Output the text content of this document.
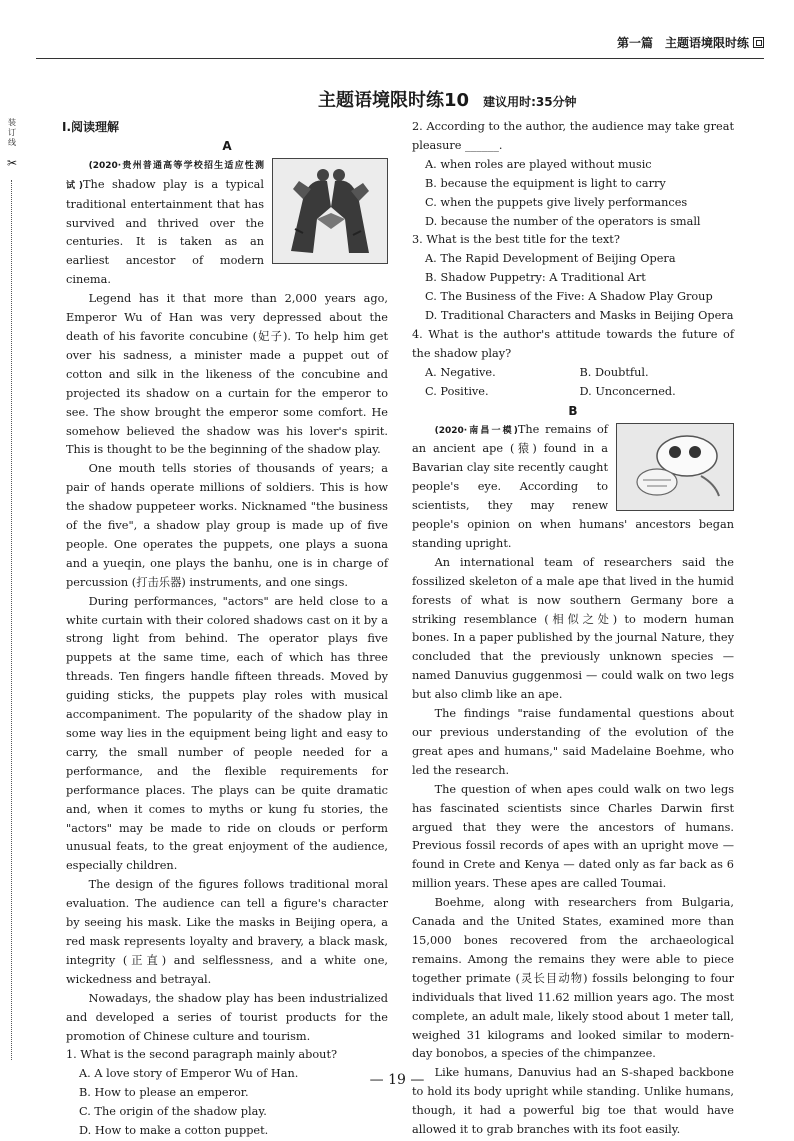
第一篇　主题语境限时练
主题语境限时练10 建议用时:35分钟
装订线
✂
Ⅰ.阅读理解
A

(2020·贵州普通高等学校招生适应性测试)The shadow play is a typical traditional entertainment that has survived and thrived over the centuries. It is taken as an earliest ancestor of modern cinema.

Legend has it that more than 2,000 years ago, Emperor Wu of Han was very depressed about the death of his favorite concubine (妃子). To help him get over his sadness, a minister made a puppet out of cotton and silk in the likeness of the concubine and projected its shadow on a curtain for the emperor to see. The show brought the emperor some comfort. He somehow believed the shadow was his lover's spirit. This is thought to be the beginning of the shadow play.

One mouth tells stories of thousands of years; a pair of hands operate millions of soldiers. This is how the shadow puppeteer works. Nicknamed "the business of the five", a shadow play group is made up of five people. One operates the puppets, one plays a suona and a yueqin, one plays the banhu, one is in charge of percussion (打击乐器) instruments, and one sings.

During performances, "actors" are held close to a white curtain with their colored shadows cast on it by a strong light from behind. The operator plays five puppets at the same time, each of which has three threads. Ten fingers handle fifteen threads. Moved by guiding sticks, the puppets play roles with musical accompaniment. The popularity of the shadow play in some way lies in the equipment being light and easy to carry, the small number of people needed for a performance, and the flexible requirements for performance places. The plays can be quite dramatic and, when it comes to myths or kung fu stories, the "actors" may be made to ride on clouds or perform unusual feats, to the great enjoyment of the audience, especially children.

The design of the figures follows traditional moral evaluation. The audience can tell a figure's character by seeing his mask. Like the masks in Beijing opera, a red mask represents loyalty and bravery, a black mask, integrity (正直) and selflessness, and a white one, wickedness and betrayal.

Nowadays, the shadow play has been industrialized and developed a series of tourist products for the promotion of Chinese culture and tourism.

1. What is the second paragraph mainly about?
A. A love story of Emperor Wu of Han.
B. How to please an emperor.
C. The origin of the shadow play.
D. How to make a cotton puppet.
2. According to the author, the audience may take great pleasure ______.
A. when roles are played without music
B. because the equipment is light to carry
C. when the puppets give lively performances
D. because the number of the operators is small
3. What is the best title for the text?
A. The Rapid Development of Beijing Opera
B. Shadow Puppetry: A Traditional Art
C. The Business of the Five: A Shadow Play Group
D. Traditional Characters and Masks in Beijing Opera
4. What is the author's attitude towards the future of the shadow play?
A. Negative.	B. Doubtful.
C. Positive.	D. Unconcerned.
B

(2020·南昌一模)The remains of an ancient ape (猿) found in a Bavarian clay site recently caught people's eye. According to scientists, they may renew people's opinion on when humans' ancestors began standing upright.

An international team of researchers said the fossilized skeleton of a male ape that lived in the humid forests of what is now southern Germany bore a striking resemblance (相似之处) to modern human bones. In a paper published by the journal Nature, they concluded that the previously unknown species — named Danuvius guggenmosi — could walk on two legs but also climb like an ape.

The findings "raise fundamental questions about our previous understanding of the evolution of the great apes and humans," said Madelaine Boehme, who led the research.

The question of when apes could walk on two legs has fascinated scientists since Charles Darwin first argued that they were the ancestors of humans. Previous fossil records of apes with an upright move — found in Crete and Kenya — dated only as far back as 6 million years. These apes are called Toumai.

Boehme, along with researchers from Bulgaria, Canada and the United States, examined more than 15,000 bones recovered from the archaeological remains. Among the remains they were able to piece together primate (灵长目动物) fossils belonging to four individuals that lived 11.62 million years ago. The most complete, an adult male, likely stood about 1 meter tall, weighed 31 kilograms and looked similar to modern-day bonobos, a species of the chimpanzee.

Like humans, Danuvius had an S-shaped backbone to hold its body upright while standing. Unlike humans, though, it had a powerful big toe that would have allowed it to grab branches with its foot easily.

— 19 —
